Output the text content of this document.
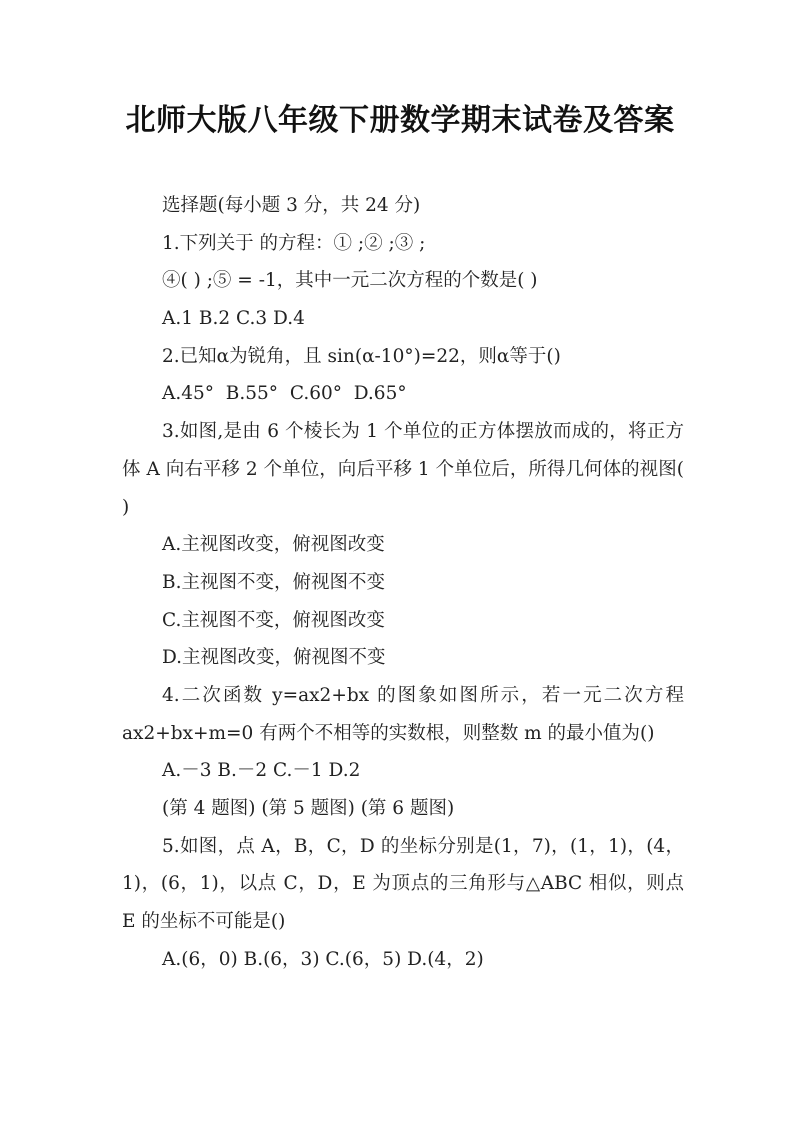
北师大版八年级下册数学期末试卷及答案

选择题(每小题 3 分，共 24 分)

1.下列关于 的方程：① ;② ;③ ;

④( ) ;⑤ = -1，其中一元二次方程的个数是( )

A.1 B.2 C.3 D.4

2.已知α为锐角，且 sin(α-10°)=22，则α等于()

A.45°  B.55°  C.60°  D.65°

3.如图,是由 6 个棱长为 1 个单位的正方体摆放而成的，将正方体 A 向右平移 2 个单位，向后平移 1 个单位后，所得几何体的视图( )

A.主视图改变，俯视图改变

B.主视图不变，俯视图不变

C.主视图不变，俯视图改变

D.主视图改变，俯视图不变

4.二次函数 y=ax2+bx 的图象如图所示，若一元二次方程 ax2+bx+m=0 有两个不相等的实数根，则整数 m 的最小值为()

A.－3 B.－2 C.－1 D.2

(第 4 题图) (第 5 题图) (第 6 题图)

5.如图，点 A，B，C，D 的坐标分别是(1，7)，(1，1)，(4，1)，(6，1)，以点 C，D，E 为顶点的三角形与△ABC 相似，则点 E 的坐标不可能是()

A.(6，0) B.(6，3) C.(6，5) D.(4，2)
